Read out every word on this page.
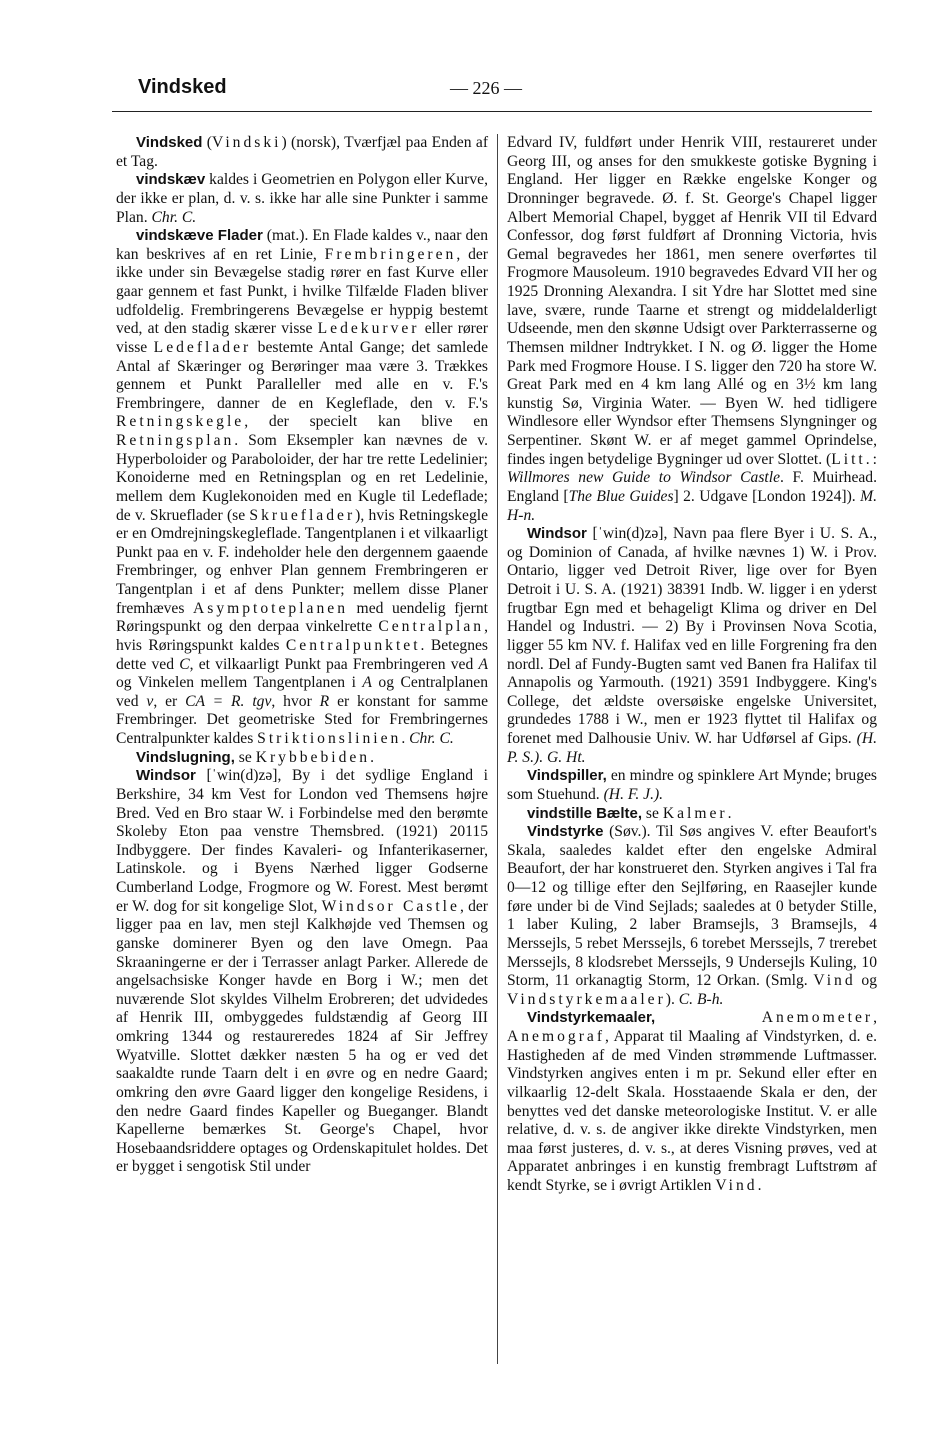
Vindsked	— 226 —

Vindsked (Vindski) (norsk), Tværfjæl paa Enden af et Tag.

vindskæv kaldes i Geometrien en Polygon eller Kurve, der ikke er plan, d. v. s. ikke har alle sine Punkter i samme Plan. Chr. C.

vindskæve Flader (mat.). En Flade kaldes v., naar den kan beskrives af en ret Linie, Frembringeren, der ikke under sin Bevægelse stadig rører en fast Kurve eller gaar gennem et fast Punkt, i hvilke Tilfælde Fladen bliver udfoldelig. Frembringerens Bevægelse er hyppig bestemt ved, at den stadig skærer visse Ledekurver eller rører visse Ledeflader bestemte Antal Gange; det samlede Antal af Skæringer og Berøringer maa være 3. Trækkes gennem et Punkt Paralleller med alle en v. F.'s Frembringere, danner de en Kegleflade, den v. F.'s Retningskegle, der specielt kan blive en Retningsplan. Som Eksempler kan nævnes de v. Hyperboloider og Paraboloider, der har tre rette Ledelinier; Konoiderne med en Retningsplan og en ret Ledelinie, mellem dem Kuglekonoiden med en Kugle til Ledeflade; de v. Skrueflader (se Skrueflader), hvis Retningskegle er en Omdrejningskegleflade. Tangentplanen i et vilkaarligt Punkt paa en v. F. indeholder hele den dergennem gaaende Frembringer, og enhver Plan gennem Frembringeren er Tangentplan i et af dens Punkter; mellem disse Planer fremhæves Asymptoteplanen med uendelig fjernt Røringspunkt og den derpaa vinkelrette Centralplan, hvis Røringspunkt kaldes Centralpunktet. Betegnes dette ved C, et vilkaarligt Punkt paa Frembringeren ved A og Vinkelen mellem Tangentplanen i A og Centralplanen ved v, er CA = R. tgv, hvor R er konstant for samme Frembringer. Det geometriske Sted for Frembringernes Centralpunkter kaldes Striktionslinien. Chr. C.

Vindslugning, se Krybbebiden.

Windsor [ˈwin(d)zə], By i det sydlige England i Berkshire, 34 km Vest for London ved Themsens højre Bred. Ved en Bro staar W. i Forbindelse med den berømte Skoleby Eton paa venstre Themsbred. (1921) 20115 Indbyggere. Der findes Kavaleri- og Infanterikaserner, Latinskole. og i Byens Nærhed ligger Godserne Cumberland Lodge, Frogmore og W. Forest. Mest berømt er W. dog for sit kongelige Slot, Windsor Castle, der ligger paa en lav, men stejl Kalkhøjde ved Themsen og ganske dominerer Byen og den lave Omegn. Paa Skraaningerne er der i Terrasser anlagt Parker. Allerede de angelsachsiske Konger havde en Borg i W.; men det nuværende Slot skyldes Vilhelm Erobreren; det udvidedes af Henrik III, ombyggedes fuldstændig af Georg III omkring 1344 og restaureredes 1824 af Sir Jeffrey Wyatville. Slottet dækker næsten 5 ha og er ved det saakaldte runde Taarn delt i en øvre og en nedre Gaard; omkring den øvre Gaard ligger den kongelige Residens, i den nedre Gaard findes Kapeller og Bueganger. Blandt Kapellerne bemærkes St. George's Chapel, hvor Hosebaandsriddere optages og Ordenskapitulet holdes. Det er bygget i sengotisk Stil under

Edvard IV, fuldført under Henrik VIII, restaureret under Georg III, og anses for den smukkeste gotiske Bygning i England. Her ligger en Række engelske Konger og Dronninger begravede. Ø. f. St. George's Chapel ligger Albert Memorial Chapel, bygget af Henrik VII til Edvard Confessor, dog først fuldført af Dronning Victoria, hvis Gemal begravedes her 1861, men senere overførtes til Frogmore Mausoleum. 1910 begravedes Edvard VII her og 1925 Dronning Alexandra. I sit Ydre har Slottet med sine lave, svære, runde Taarne et strengt og middelalderligt Udseende, men den skønne Udsigt over Parkterrasserne og Themsen mildner Indtrykket. I N. og Ø. ligger the Home Park med Frogmore House. I S. ligger den 720 ha store W. Great Park med en 4 km lang Allé og en 3½ km lang kunstig Sø, Virginia Water. — Byen W. hed tidligere Windlesore eller Wyndsor efter Themsens Slyngninger og Serpentiner. Skønt W. er af meget gammel Oprindelse, findes ingen betydelige Bygninger ud over Slottet. (Litt.: Willmores new Guide to Windsor Castle. F. Muirhead. England [The Blue Guides] 2. Udgave [London 1924]). M. H-n.

Windsor [ˈwin(d)zə], Navn paa flere Byer i U. S. A., og Dominion of Canada, af hvilke nævnes 1) W. i Prov. Ontario, ligger ved Detroit River, lige over for Byen Detroit i U. S. A. (1921) 38391 Indb. W. ligger i en yderst frugtbar Egn med et behageligt Klima og driver en Del Handel og Industri. — 2) By i Provinsen Nova Scotia, ligger 55 km NV. f. Halifax ved en lille Forgrening fra den nordl. Del af Fundy-Bugten samt ved Banen fra Halifax til Annapolis og Yarmouth. (1921) 3591 Indbyggere. King's College, det ældste oversøiske engelske Universitet, grundedes 1788 i W., men er 1923 flyttet til Halifax og forenet med Dalhousie Univ. W. har Udførsel af Gips. (H. P. S.). G. Ht.

Vindspiller, en mindre og spinklere Art Mynde; bruges som Stuehund. (H. F. J.).

vindstille Bælte, se Kalmer.

Vindstyrke (Søv.). Til Søs angives V. efter Beaufort's Skala, saaledes kaldet efter den engelske Admiral Beaufort, der har konstrueret den. Styrken angives i Tal fra 0—12 og tillige efter den Sejlføring, en Raasejler kunde føre under bi de Vind Sejlads; saaledes at 0 betyder Stille, 1 laber Kuling, 2 laber Bramsejls, 3 Bramsejls, 4 Merssejls, 5 rebet Merssejls, 6 torebet Merssejls, 7 trerebet Merssejls, 8 klodsrebet Merssejls, 9 Undersejls Kuling, 10 Storm, 11 orkanagtig Storm, 12 Orkan. (Smlg. Vind og Vindstyrkemaaler). C. B-h.

Vindstyrkemaaler,	Anemometer, Anemograf, Apparat til Maaling af Vindstyrken, d. e. Hastigheden af de med Vinden strømmende Luftmasser. Vindstyrken angives enten i m pr. Sekund eller efter en vilkaarlig 12-delt Skala. Hosstaaende Skala er den, der benyttes ved det danske meteorologiske Institut. V. er alle relative, d. v. s. de angiver ikke direkte Vindstyrken, men maa først justeres, d. v. s., at deres Visning prøves, ved at Apparatet anbringes i en kunstig frembragt Luftstrøm af kendt Styrke, se i øvrigt Artiklen Vind.
